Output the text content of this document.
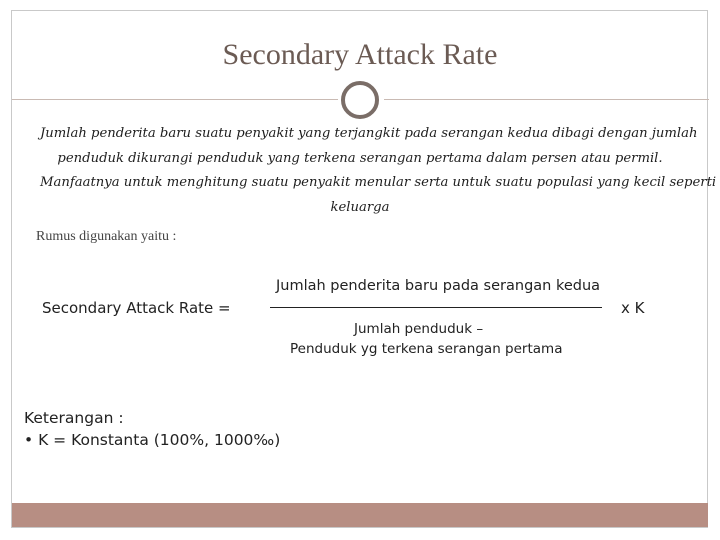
Secondary Attack Rate
Jumlah penderita baru suatu penyakit yang terjangkit pada serangan kedua dibagi dengan jumlah
penduduk dikurangi penduduk yang terkena serangan pertama dalam persen atau permil.
Manfaatnya untuk menghitung suatu penyakit menular serta untuk suatu populasi yang kecil seperti
keluarga
Rumus digunakan yaitu :
Secondary Attack Rate =
Jumlah penderita baru pada serangan kedua
x K
Jumlah penduduk –
Penduduk yg terkena serangan pertama
Keterangan :
• K = Konstanta (100%, 1000‰)
